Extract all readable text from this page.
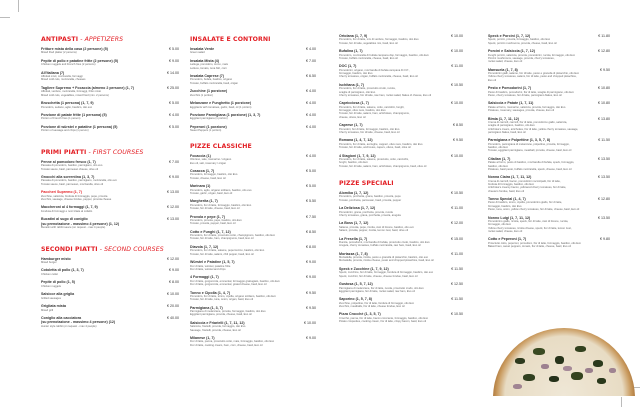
ANTIPASTI - APPETIZERS
Fritture mista della casa (2 persone) (5)
Mixed fried platter (2 persons)
€ 5.00
Pepite di pollo e patatine fritte (2 persone) (5)
Chicken nuggets and French fries (2 persons)
€ 9.00
All'Italiana (7)
Affettati misti, mozzarella, formaggi
Mixed cold cuts, mozzarella, cheeses
€ 14.00
Tagliere Supremo + Focaccia (almeno 2 persone) (1, 7)
Affettati, verdure, mozzarella, formaggi, fritto misto
Mixed cold cuts, vegetables, mixed fried (min. 2 persons)
€ 25.00
Bruschetta (1 persona) (1, 7, 9)
Pomodoro, sedano, aglio, basilico, olio evo
€ 5.00
Porzione di patate fritte (1 persona) (5)
Portion of French fries (1 person)
€ 4.00
Porzione di würstel e patatine (1 persona) (5)
Portion of sausage and chips (1 person)
€ 5.00
PRIMI PIATTI - FIRST COURSES
Penne al pomodoro fresco (1, 7)
Passata di pomodoro, basilico, parmigiano, olio evo
Tomato sauce, basil, parmesan cheese, olive oil
€ 7.00
Gnocchi alla sorrentina (1, 3, 7)
Passata di pomodoro, basilico, parmigiano, mozzarella, olio evo
Tomato sauce, basil, parmesan, mozzarella, olive oil
€ 9.00
Paccheri Supremo (1, 7)
Zucchine, salsiccia, fonduta di formaggio, pepe, provola
Zucchini, sausage, cheese fondue, pepper, provola cheese
€ 13.00
Maccheroni al 4 formaggi (1, 7, 9)
Fonduta di formaggi e noci tritate al coltello
€ 12.00
Bucatini al sugo di coniglio
(su prenotazione - massimo 4 persone) (1, 12)
Bucatini with rabbit sauce (on request - max 4 people)
€ 13.00
SECONDI PIATTI - SECOND COURSES
Hamburger misto
Mixed burger
€ 12.00
Cotoletta di pollo (1, 3, 7)
Chicken cutlet
€ 9.00
Pepite di pollo (1, 5)
Chicken nuggets
€ 8.00
Salsicce alla griglia
Grilled sausages
€ 10.00
Grigliata mista
Mixed grill
€ 20.00
Coniglio alla cacciatora
(su prenotazione - massimo 4 persone) (12)
Hunter style rabbit (on request - max 4 people)
€ 40.00
INSALATE E CONTORNI
Insalata Verde
Green salad
€ 4.00
Insalata Mista (4)
Lattuga, pomodoro, tonno, mais
Lettuce, tomato, tuna fish, corn
€ 7.00
Insalata Caprese (7)
Pomodoro, bufala, basilico, origano
Tomato, buffalo mozzarella, basil, origan
€ 6.50
Zucchine (1 porzione)
Zucchini (1 portion)
€ 4.00
Melanzane e Funghetto (1 porzione)
Eggplants with tomatoes, garlic, basil, oil (1 portion)
€ 4.00
Porzione Parmigiana (1 porzione) (1, 3, 7)
Eggplant parmigiana (1 portion)
€ 4.00
Peperoni (1 porzione)
Sweet Peppers (1 portion)
€ 4.00
PIZZE CLASSICHE
Focaccia (1)
Olio Evo, sale, rosmarino / origano
Evo oil, salt, rosemary / origan
€ 4.00
Cosacca (1, 7)
Pomodoro, formaggio, basilico, olio Evo
Tomato, cheese, basil, Evo oil
€ 5.00
Marinara (1)
Pomodoro, aglio, origano siciliano, basilico, olio evo
Tomato, garlic, origan, basil, Evo oil
€ 5.00
Margherita (1, 7)
Pomodoro, fior di latte, formaggio, basilico, olio Evo
Tomato, fior di latte, cheese, basil, Evo oil
€ 5.50
Provola e pepe (1, 7)
Pomodoro, provola, pepe, basilico, olio Evo
Tomato, provola, pepper, basil, Evo oil
€ 7.50
Cotto e Funghi (1, 7, 12)
Pomodoro, fior di latte, prosciutto cotto, champignons, basilico, olio Evo
Tomato, fior di latte, ham, champignons, basil, Evo oil
€ 8.50
Diavola (1, 7, 12)
Pomodoro, fior di latte, salame, peperoncino, basilico, olio Evo
Tomato, fior di latte, salami, chili pepper, basil, Evo oil
€ 8.00
Würstel e Patatine (1, 5, 7)
Fior di latte, würstel, patatine fritte
Fior di latte, würstel and chips
€ 9.00
4 Formaggi (1, 7)
Fior di latte, gorgonzola, emmental, formaggio grattugiato, basilico, olio Evo
Fior di latte, gorgonzola, emmental, grated cheese, basil, Evo oil
€ 9.00
Tonno e Cipolla (1, 4, 7)
Pomodoro, fior di latte, tonno, cipolla, origano siciliano, basilico, olio Evo
Tomato, fior di latte, tuna, onion, origan, basil, Evo oil
€ 9.50
Parmigiana (1, 3, 7)
Parmigiana di melanzane, provola, formaggio, basilico, olio Evo
Eggplant parmigiana, provola, cheese, basil, Evo oil
€ 9.50
Salsiccia e Friarielli (1, 7, 11, 12)
Salsiccia, friarielli, provola, formaggio, olio Evo
Sausage, friarielli, provola, cheese, Evo oil
€ 10.00
Milanese (1, 7)
Fior di latte, panna, prosciutto cotto, mais, formaggio, basilico, olio Evo
Fior di latte, cooking cream, ham, corn, cheese, basil, Evo oil
€ 9.00
Ortolana (1, 7, 9)
Pomodoro, fior di latte, mix di verdure, formaggio, basilico, olio Evo
Tomato, fior di latte, vegetables mix, basil, Evo oil
€ 10.00
Bufalina (1, 7)
Pomodoro, mozzarella di bufala campana dop, formaggio, basilico, olio Evo
Tomato, buffalo mozzarella, cheese, basil, Evo oil
€ 10.00
DOC (1, 7)
Pomodorini, origano, mozzarella di bufala campana D.O.P.,
formaggio, basilico, olio Evo
Cherry tomatoes, origan, buffalo mozzarella, cheese, basil, Evo oil
€ 11.00
Ischitana (1, 7)
Pomodoro, fior di latte, prosciutto crudo, rucola,
scaglie di parmigiano, olio Evo
Cherry tomatoes, fior di latte, raw ham, rocket salad, flakes of cheese, Evo oil
€ 10.50
Capricciosa (1, 7)
Pomodoro, fior di latte, salame, cotto, carciofini, funghi,
formaggio, olive nere, basilico, olio Evo
Tomato, fior di latte, salami, ham, artichokes, champignons,
cheese, olives, Evo oil
€ 10.00
Caprese (1, 7)
Pomodori, fior di latte, formaggio, basilico, olio Evo
Cherry tomatoes, fior di latte, cheese, basil, Evo oil
€ 8.50
Romana (1, 4, 7, 12)
Pomodoro, fior di latte, acciughe, capperi, olive nere, basilico, olio Evo
Tomato, fior di latte, anchovies, capers, olives, basil, olive oil
€ 9.50
4 Stagioni (1, 7, 9, 12)
Pomodoro, fior di latte, salame, prosciutto, cotto, carciofini,
funghi, basilico, olio Evo
Tomato, fior di latte, salami, ham, artichokes, champignons, basil, olive oil
€ 10.00
PIZZE SPECIALI
Alomika (1, 7, 12)
Pomodoro, porchetta, grana, basilico, provola, pepe
Tomato, porchetta, parmesan, basil, provola, pepper
€ 10.50
La Deliziosa (1, 7, 12)
Pomodorini, grana, porchetta, provola, rucola
Cherry tomatoes, grana, porchetta, provola, arugula
€ 11.00
La Boss (1, 7, 12)
Salame, provola, pepe, ricotta, zest di limone, basilico, olio evo
Salami, provola, pepper, ricotta, lemon zest, basil, olive oil
€ 12.00
La Fresella (1, 7)
Rucola, pomodorini, mozzarella di bufala, prosciutto crudo, basilico, olio Evo
Arugula, cherry tomatoes, buffalo mozzarella, raw ham, basil, Evo oil
€ 15.00
Mortazza (1, 7, 8)
Mortadella, provola, ricotta, pesto e granella di pistacchio, basilico, olio evo
Mortadella, provola, ricotta cheese, pesto and chopped pistachios, basil, Evo oil
€ 11.00
Speck e Zucchine (1, 7, 9, 12)
Speck, zucchine, fior di latte, formaggio, fonduta di formaggio, basilico, olio evo
Speck, zucchini, fior di latte, cheese, cheese fondue, basil, Evo oil
€ 11.50
Gustosa (1, 5, 7, 12)
Parmigiana di melanzane, fior di latte, rucola, prosciutto crudo, olio Evo
Eggplant parmigiana, fior di latte, rocket salad, raw ham, Evo oil
€ 12.50
Saporino (1, 5, 7, 8)
Zucchine, polpettine, fior di latte, fonduta di formaggio, olio Evo
Zucchini, meatballs, fior di latte, cheese fondue, Evo oil
€ 11.50
Pizza Crocchè (1, 3, 5, 7)
Crocchè, panna, fior di latte, bacon croccante, formaggio, basilico, olio Evo
Potato croquettes, cooking cream, fior di latte, crispy bacon, basil, Evo oil
€ 10.50
Speck e Porcini (1, 7, 12)
Speck, porcini, provola, formaggio, basilico, olio Evo
Speck, porcini mushrooms, provola, cheese, basil, Evo oil
€ 11.80
Porcini e Salsiccia (1, 7, 12)
Funghi porcini, salsiccia, provola, pomodorini, rucola, formaggio, olio Evo
Porcini mushrooms, sausage, provola, cherry tomatoes,
rocket salad, cheese, Evo oil
€ 12.80
Mansuela (1, 7, 8)
Pomodorini gialli, salame, fior di latte, pesto e granella di pistacchio, olio Evo
Yellow cherry tomatoes, salami, fior di latte, pesto and chopped pistachios,
Evo oil
€ 9.50
Pesto e Pomodorini (1, 7)
Pesto di basilico, pomodorini, fior di latte, scaglie di parmigiano, olio Evo
Pesto, cherry tomatoes, fior di latte, parmigiano flakes, Evo oil
€ 10.80
Salsiccia e Patate (1, 7, 11)
Patate al forno, rosmarino, salsiccia, provola, formaggio, olio Evo
Potatoes, rosemary, sausages, provola, cheese, Evo oil
€ 10.80
Bimia (1, 7, 11, 12)
Crema di carciofi, carciofi, fior di latte, pomodorino giallo, salsiccia,
scaglie di parmigiano, basilico, olio Evo
Artichoke's cream, artichokes, fior di latte, yellow cherry tomatoes, sausage,
parmigiano flakes, basil, Evo oil
€ 13.80
Parmigiana e Polpettine (1, 3, 5, 7, 8)
Pomodoro, parmigiana di melanzane, polpettine, provola, formaggio,
basilico, olio Evo
Tomato, eggplant parmigiana, meatball, provola, cheese, basil, Evo oil
€ 11.50
Citalian (1, 7)
Patate al forno, pesto di basilico, mozzarella di bufala, speck, formaggio,
basilico, olio Evo
Potatoes, basil pesto, buffalo mozzarella, speck, cheese, basil, Evo oil
€ 13.50
Nonna Ciaira (1, 7, 11, 12)
Crema di carciofi, bacon, pomodorini nocciolpatti, fior di latte,
fonduta di formaggio, basilico, olio Evo
Artichoke's creamy bacon, yellowred cherry tomatoes, fior di latte,
cheese's fondue, basil, Evo oil
€ 13.50
Tonno Special (1, 4, 7)
Pesto di basilico, tonno, cipolla, pomodorino giallo, fior di latte,
formaggio, basilico, olio Evo
Pesto, tuna, onion, yellow cherry tomatoes, fior di latte, cheese, basil, Evo oil
€ 12.80
Nonno Luigi (1, 7, 11, 12)
Pomodorino giallo, ricotta, speck, fior di latte, zest di limone, rucola,
formaggio, olio Evo
Yellow cherry tomatoes, ricotta cheese, speck, fior di latte, lemon zest,
rocket salad, cheese, Evo oil
€ 13.50
Cotto e Peperoni (1, 7)
Prosciutto cotto, peperoni, pomodoro, fior di latte, formaggio, basilico, olio Evo
Baked ham, sweet peppers, tomato, fior di latte, cheese, basil, Evo oil
€ 9.80
